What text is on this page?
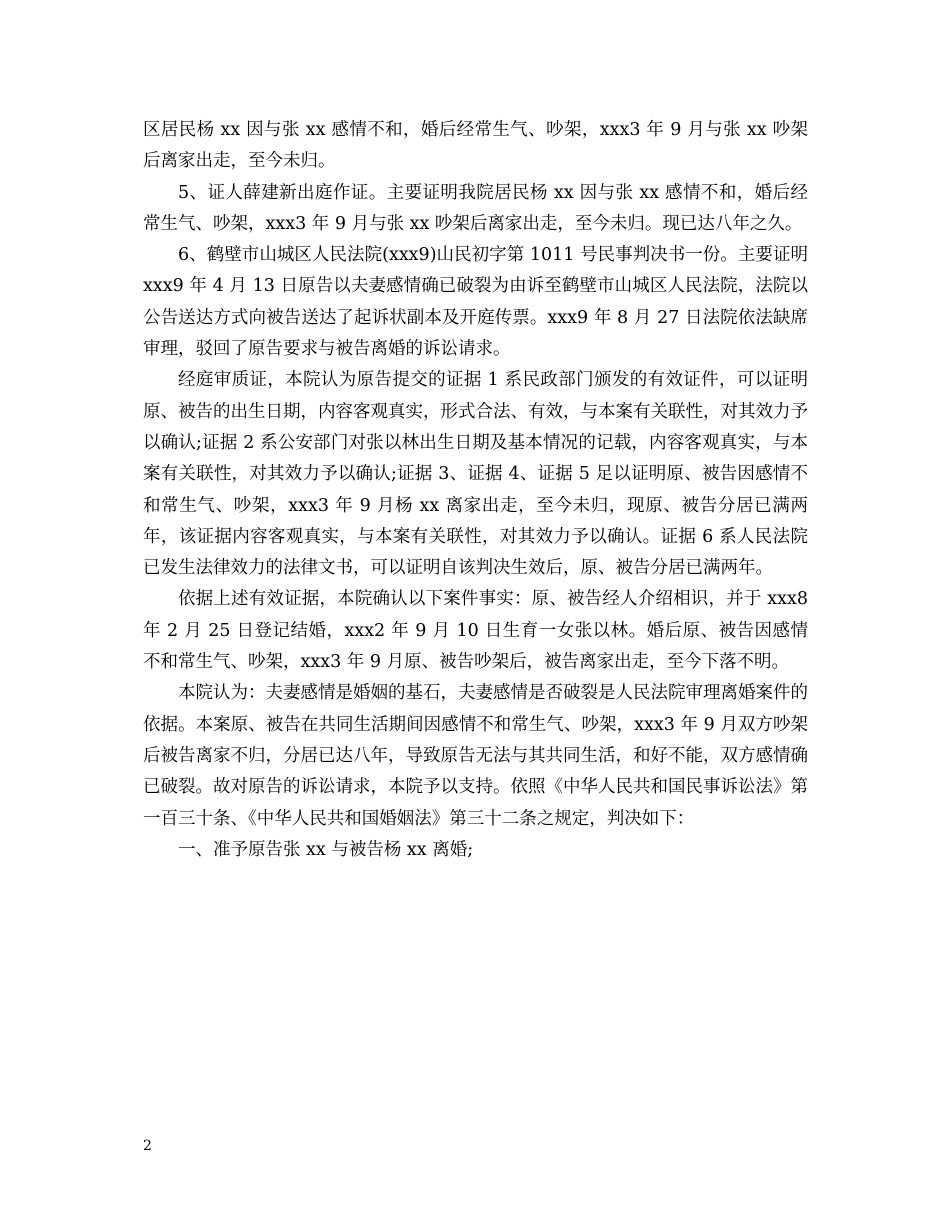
区居民杨 xx 因与张 xx 感情不和，婚后经常生气、吵架，xxx3 年 9 月与张 xx 吵架后离家出走，至今未归。

5、证人薛建新出庭作证。主要证明我院居民杨 xx 因与张 xx 感情不和，婚后经常生气、吵架，xxx3 年 9 月与张 xx 吵架后离家出走，至今未归。现已达八年之久。

6、鹤壁市山城区人民法院(xxx9)山民初字第 1011 号民事判决书一份。主要证明 xxx9 年 4 月 13 日原告以夫妻感情确已破裂为由诉至鹤壁市山城区人民法院，法院以公告送达方式向被告送达了起诉状副本及开庭传票。xxx9 年 8 月 27 日法院依法缺席审理，驳回了原告要求与被告离婚的诉讼请求。

经庭审质证，本院认为原告提交的证据 1 系民政部门颁发的有效证件，可以证明原、被告的出生日期，内容客观真实，形式合法、有效，与本案有关联性，对其效力予以确认;证据 2 系公安部门对张以林出生日期及基本情况的记载，内容客观真实，与本案有关联性，对其效力予以确认;证据 3、证据 4、证据 5 足以证明原、被告因感情不和常生气、吵架，xxx3 年 9 月杨 xx 离家出走，至今未归，现原、被告分居已满两年，该证据内容客观真实，与本案有关联性，对其效力予以确认。证据 6 系人民法院已发生法律效力的法律文书，可以证明自该判决生效后，原、被告分居已满两年。

依据上述有效证据，本院确认以下案件事实：原、被告经人介绍相识，并于 xxx8 年 2 月 25 日登记结婚，xxx2 年 9 月 10 日生育一女张以林。婚后原、被告因感情不和常生气、吵架，xxx3 年 9 月原、被告吵架后，被告离家出走，至今下落不明。

本院认为：夫妻感情是婚姻的基石，夫妻感情是否破裂是人民法院审理离婚案件的依据。本案原、被告在共同生活期间因感情不和常生气、吵架，xxx3 年 9 月双方吵架后被告离家不归，分居已达八年，导致原告无法与其共同生活，和好不能，双方感情确已破裂。故对原告的诉讼请求，本院予以支持。依照《中华人民共和国民事诉讼法》第一百三十条、《中华人民共和国婚姻法》第三十二条之规定，判决如下：

一、准予原告张 xx 与被告杨 xx 离婚;

2
